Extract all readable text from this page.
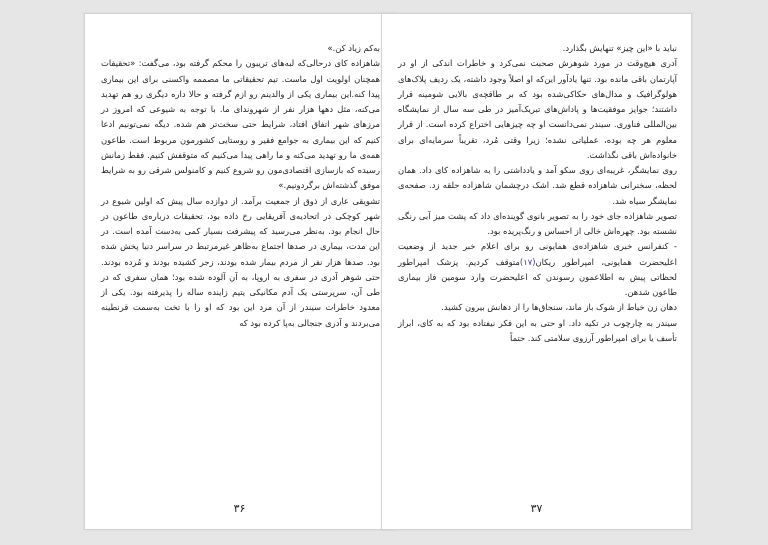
به‌کم زیاد کن.»

شاهزاده کای درحالی‌که لبه‌های تریبون را محکم گرفته بود، می‌گفت: «تحقیقات همچنان اولویت اول ماست. تیم تحقیقاتی ما مصممه واکسنی برای این بیماری پیدا کنه.این بیماری یکی از والدینم رو ازم گرفته و حالا داره دیگری رو هم تهدید می‌کنه، مثل دهها هزار نفر از شهروندای ما. با توجه به شیوعی که امروز در مرزهای شهر اتفاق افتاد، شرایط حتی سخت‌تر هم شده. دیگه نمی‌تونیم ادعا کنیم که این بیماری به جوامع فقیر و روستایی کشورمون مربوط است. طاعون همه‌ی ما رو تهدید می‌کنه و ما راهی پیدا می‌کنیم که متوقفش کنیم. فقط زمانش رسیده که بازسازی اقتصادی‌مون رو شروع کنیم و کامنولس شرقی رو به شرایط موفق گذشته‌اش برگردونیم.»

تشویقی عاری از ذوق از جمعیت برآمد. از دوازده سال پیش که اولین شیوع در شهر کوچکی در اتحادیه‌ی آفریقایی رخ داده بود، تحقیقات درباره‌ی طاعون در حال انجام بود. به‌نظر می‌رسید که پیشرفت بسیار کمی به‌دست آمده است. در این مدت، بیماری در صدها اجتماع به‌ظاهر غیرمرتبط در سراسر دنیا پخش شده بود. صدها هزار نفر از مردم بیمار شده بودند، زجر کشیده بودند و مُرده بودند. حتی شوهر آدری در سفری به اروپا، به آن آلوده شده بود؛ همان سفری که در طی آن، سرپرستی یک آدم مکانیکی یتیم زاینده ساله را پذیرفته بود. یکی از معدود خاطرات سیندر از آن مرد این بود که او را با تخت به‌سمت قرنطینه می‌بردند و آدری جنجالی به‌پا کرده بود که

۳۶

نباید با «این چیز» تنهایش بگذارد.

آدری هیچ‌وقت در مورد شوهرش صحبت نمی‌کرد و خاطرات اندکی از او در آپارتمان باقی مانده بود. تنها یادآور این‌که او اصلاً وجود داشته، یک ردیف پلاک‌های هولوگرافیک و مدال‌های حکاکی‌شده بود که بر طاقچه‌ی بالایی شومینه قرار داشتند؛ جوایز موفقیت‌ها و پاداش‌های تبریک‌آمیز در طی سه سال از نمایشگاه بین‌المللی فناوری. سیندر نمی‌دانست او چه چیزهایی اختراع کرده است. از قرار معلوم هر چه بوده، عملیاتی نشده؛ زیرا وقتی مُرد، تقریباً سرمایه‌ای برای خانواده‌اش باقی نگذاشت.

روی نمایشگر، غریبه‌ای روی سکو آمد و یادداشتی را به شاهزاده کای داد. همان لحظه، سخنرانی شاهزاده قطع شد. اشک درچشمان شاهزاده حلقه زد. صفحه‌ی نمایشگر سیاه شد.

تصویر شاهزاده جای خود را به تصویر بانوی گوینده‌ای داد که پشت میز آبی رنگی نشسته بود. چهره‌اش خالی از احساس و رنگ‌پریده بود.

- کنفرانس خبری شاهزاده‌ی همایونی رو برای اعلام خبر جدید از وضعیت اعلیحضرت همایونی، امپراطور ریکان(۱۷)متوقف کردیم. پزشک امپراطور لحظاتی پیش به اطلاعمون رسوندن که اعلیحضرت وارد سومین فاز بیماری طاعون شدهن.

دهان زن خیاط از شوک باز ماند، سنجاق‌ها را از دهانش بیرون کشید.

سیندر به چارچوب در تکیه داد. او حتی به این فکر نیفتاده بود که به کای، ابراز تأسف یا برای امپراطور آرزوی سلامتی کند. حتماً

۳۷
